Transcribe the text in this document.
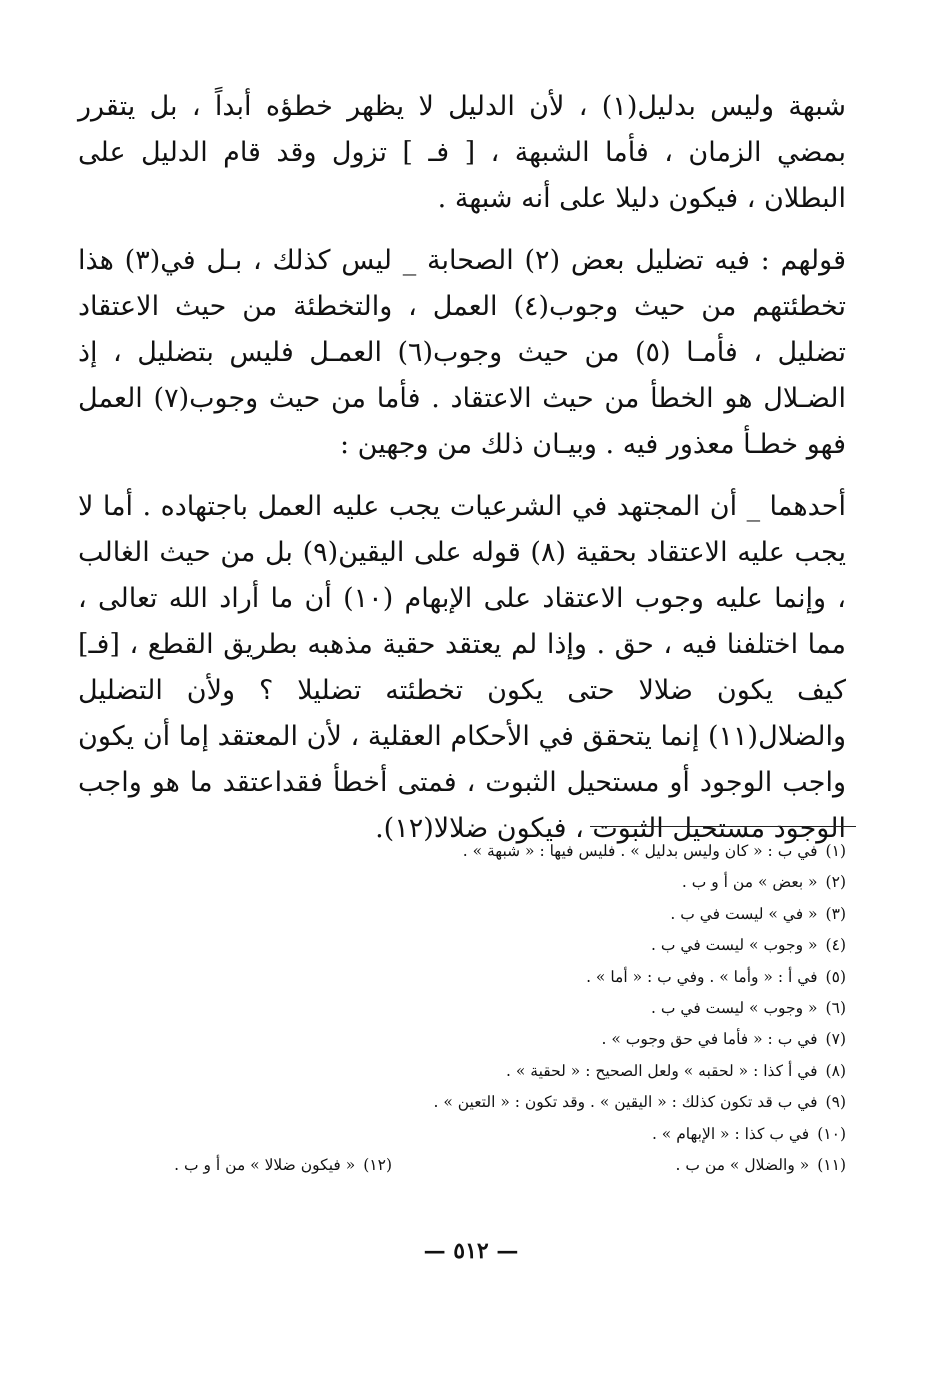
شبهة وليس بدليل(١) ، لأن الدليل لا يظهر خطؤه أبداً ، بل يتقرر بمضي الزمان ، فأما الشبهة ، [ فـ ] تزول وقد قام الدليل على البطلان ، فيكون دليلا على أنه شبهة .

قولهم : فيه تضليل بعض (٢) الصحابة _ ليس كذلك ، بـل في(٣) هذا تخطئتهم من حيث وجوب(٤) العمل ، والتخطئة من حيث الاعتقاد تضليل ، فأمـا (٥) من حيث وجوب(٦) العمـل فليس بتضليل ، إذ الضـلال هو الخطأ من حيث الاعتقاد . فأما من حيث وجوب(٧) العمل فهو خطـأ معذور فيه . وبيـان ذلك من وجهين :

أحدهما _ أن المجتهد في الشرعيات يجب عليه العمل باجتهاده . أما لا يجب عليه الاعتقاد بحقية (٨) قوله على اليقين(٩) بل من حيث الغالب ، وإنما عليه وجوب الاعتقاد على الإبهام (١٠) أن ما أراد الله تعالى ، مما اختلفنا فيه ، حق . وإذا لم يعتقد حقية مذهبه بطريق القطع ، [فـ] كيف يكون ضلالا حتى يكون تخطئته تضليلا ؟ ولأن التضليل والضلال(١١) إنما يتحقق في الأحكام العقلية ، لأن المعتقد إما أن يكون واجب الوجود أو مستحيل الثبوت ، فمتى أخطأ فقداعتقد ما هو واجب الوجود مستحيل الثبوت ، فيكون ضلالا(١٢).

(١)في ب : « كان وليس بدليل » . فليس فيها : « شبهة » .
(٢)« بعض » من أ و ب .
(٣)« في » ليست في ب .
(٤)« وجوب » ليست في ب .
(٥)في أ : « وأما » . وفي ب : « أما » .
(٦)« وجوب » ليست في ب .
(٧)في ب : « فأما في حق وجوب » .
(٨)في أ كذا : « لحقبه » ولعل الصحيح : « لحقية » .
(٩)في ب قد تكون كذلك : « اليقين » . وقد تكون : « التعين » .
(١٠)في ب كذا : « الإبهام » .
(١١)« والضلال » من ب .
(١٢)« فيكون ضلالا » من أ و ب .
— ٥١٢ —
